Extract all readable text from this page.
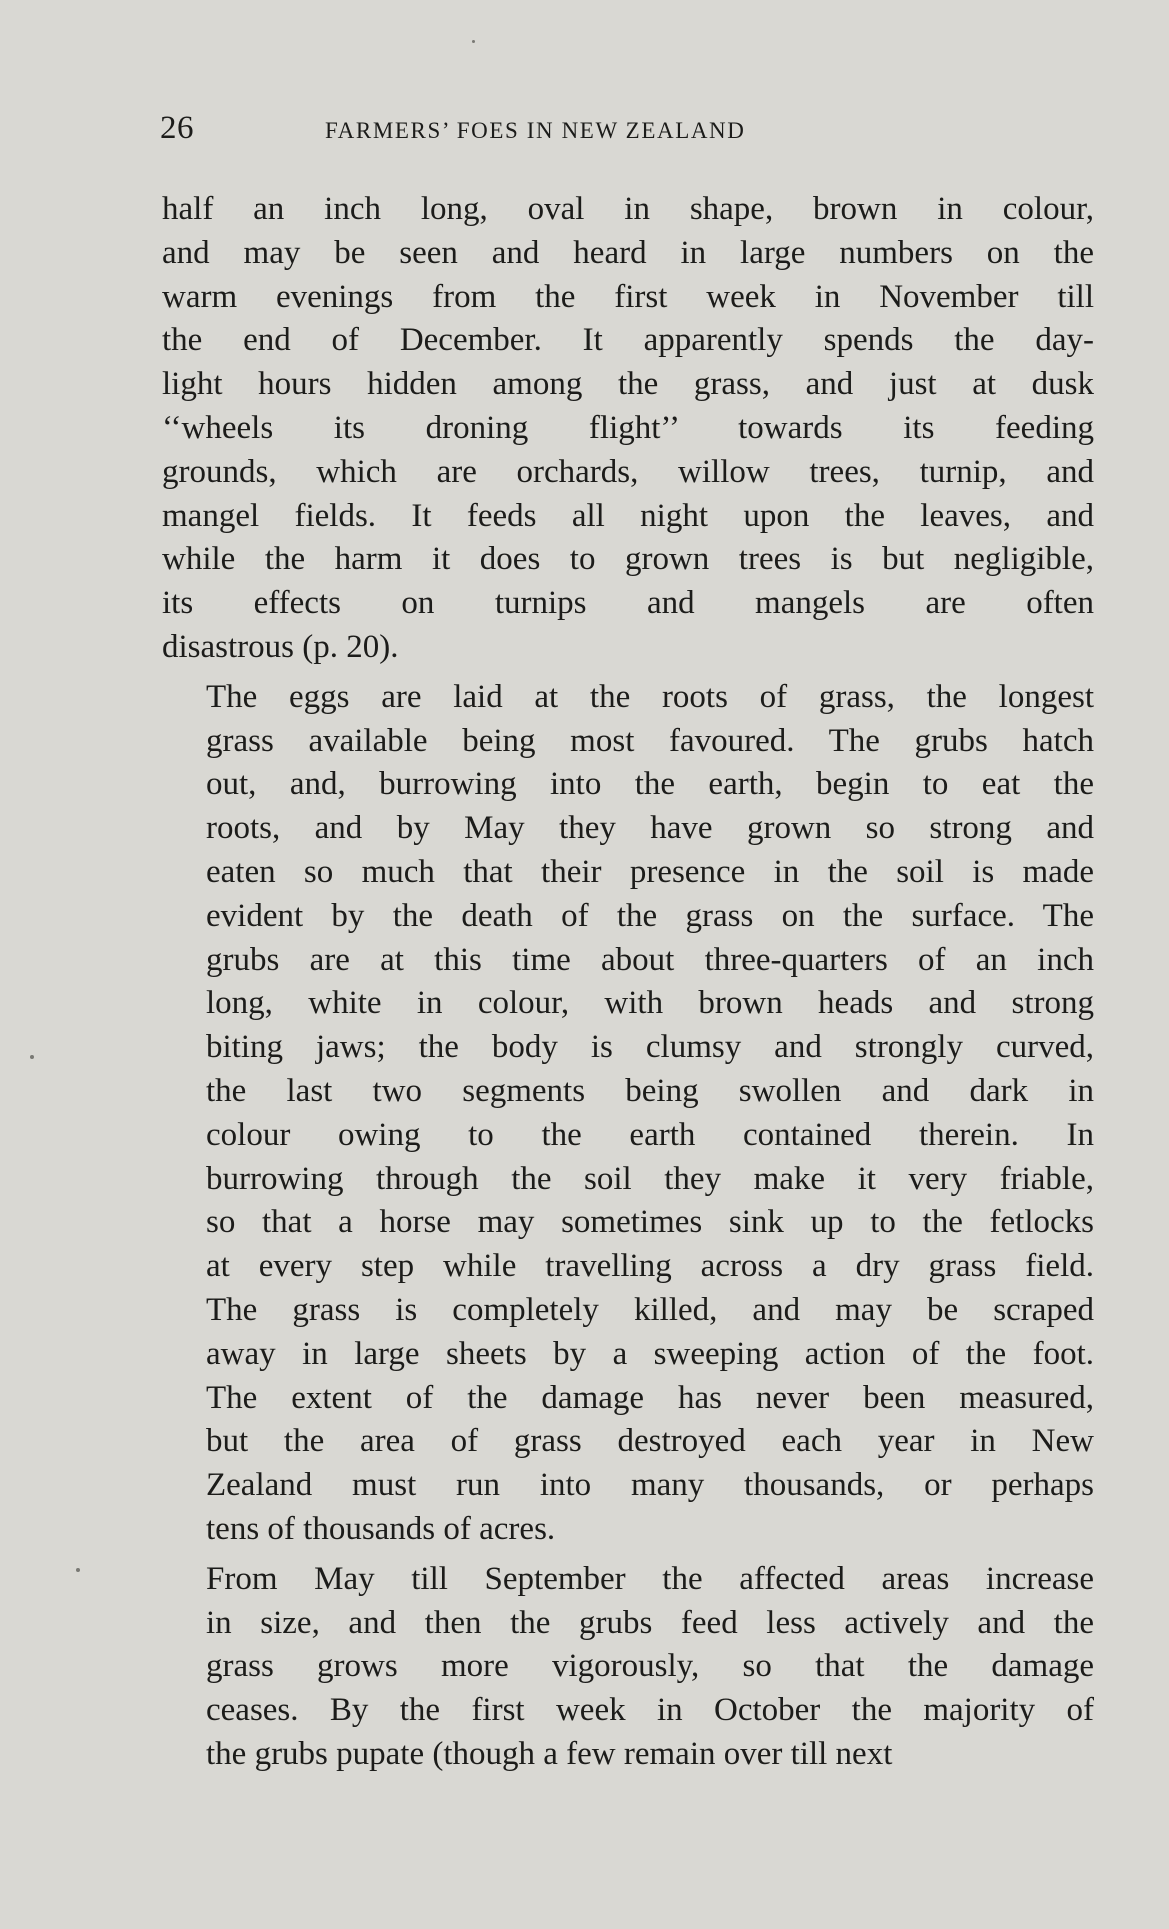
26	FARMERS’ FOES IN NEW ZEALAND

half an inch long, oval in shape, brown in colour,
and may be seen and heard in large numbers on the
warm evenings from the first week in November till
the end of December. It apparently spends the day-
light hours hidden among the grass, and just at dusk
‘‘wheels its droning flight’’ towards its feeding
grounds, which are orchards, willow trees, turnip, and
mangel fields. It feeds all night upon the leaves, and
while the harm it does to grown trees is but negligible,
its effects on turnips and mangels are often
disastrous (p. 20).

The eggs are laid at the roots of grass, the longest
grass available being most favoured. The grubs hatch
out, and, burrowing into the earth, begin to eat the
roots, and by May they have grown so strong and
eaten so much that their presence in the soil is made
evident by the death of the grass on the surface. The
grubs are at this time about three-quarters of an inch
long, white in colour, with brown heads and strong
biting jaws; the body is clumsy and strongly curved,
the last two segments being swollen and dark in
colour owing to the earth contained therein. In
burrowing through the soil they make it very friable,
so that a horse may sometimes sink up to the fetlocks
at every step while travelling across a dry grass field.
The grass is completely killed, and may be scraped
away in large sheets by a sweeping action of the foot.
The extent of the damage has never been measured,
but the area of grass destroyed each year in New
Zealand must run into many thousands, or perhaps
tens of thousands of acres.

From May till September the affected areas increase
in size, and then the grubs feed less actively and the
grass grows more vigorously, so that the damage
ceases. By the first week in October the majority of
the grubs pupate (though a few remain over till next
